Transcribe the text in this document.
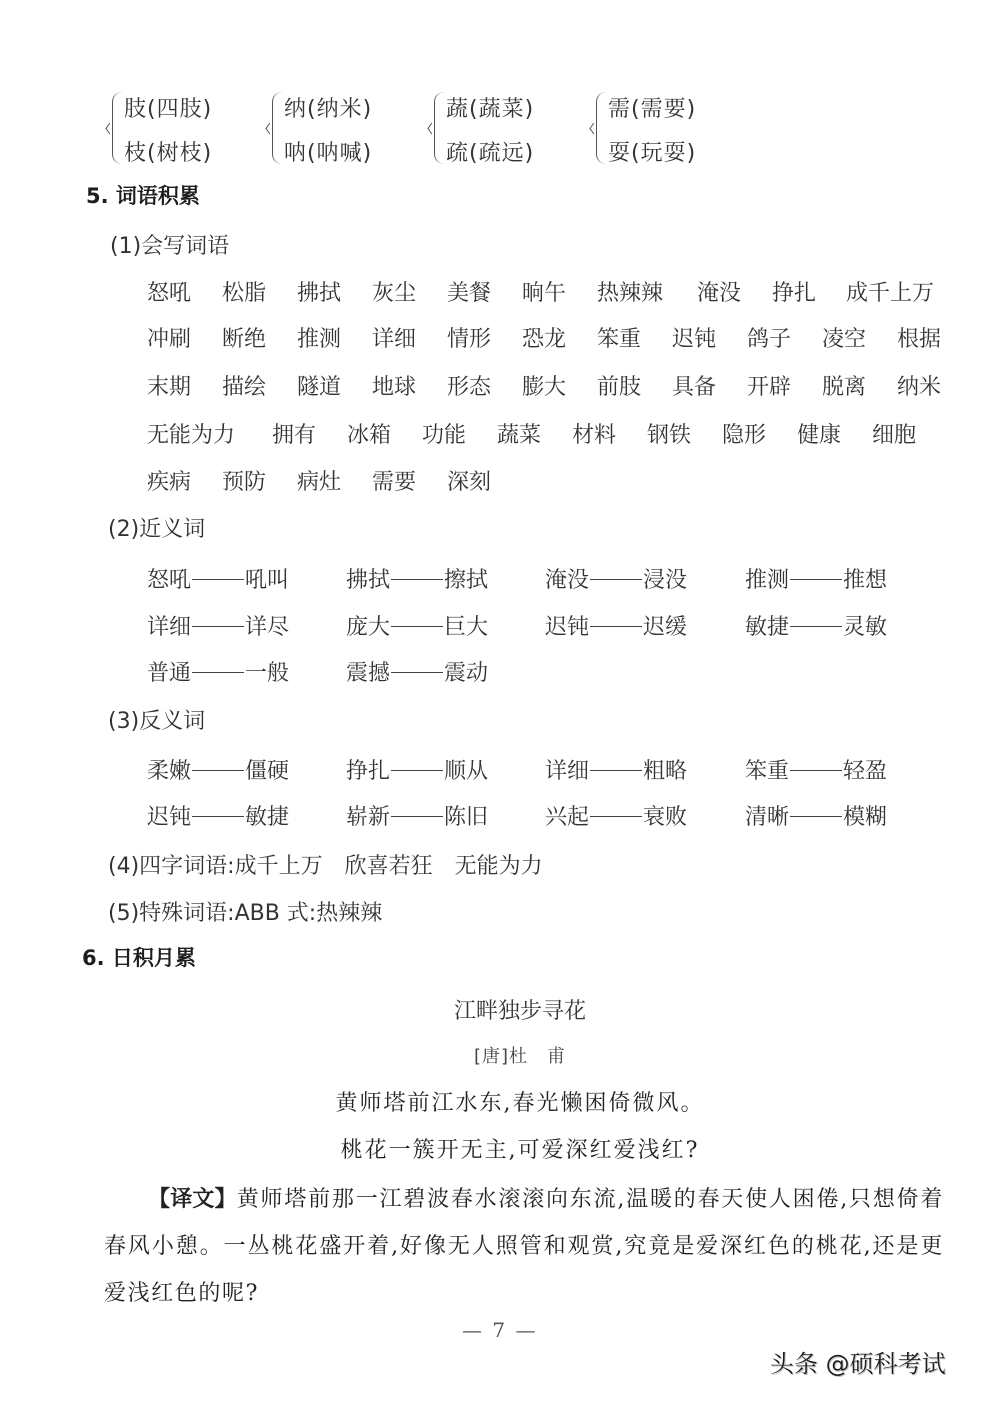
肢(四肢)
枝(树枝)
纳(纳米)
呐(呐喊)
蔬(蔬菜)
疏(疏远)
需(需要)
耍(玩耍)
5. 词语积累
(1)会写词语
怒吼 松脂 拂拭 灰尘 美餐 晌午 热辣辣 淹没 挣扎 成千上万
冲刷 断绝 推测 详细 情形 恐龙 笨重 迟钝 鸽子 凌空 根据
末期 描绘 隧道 地球 形态 膨大 前肢 具备 开辟 脱离 纳米
无能为力 拥有 冰箱 功能 蔬菜 材料 钢铁 隐形 健康 细胞
疾病 预防 病灶 需要 深刻
(2)近义词
怒吼 吼叫	拂拭 擦拭	淹没 浸没	推测 推想
详细 详尽	庞大 巨大	迟钝 迟缓	敏捷 灵敏
普通 一般	震撼 震动
(3)反义词
柔嫩 僵硬	挣扎 顺从	详细 粗略	笨重 轻盈
迟钝 敏捷	崭新 陈旧	兴起 衰败	清晰 模糊
(4)四字词语:成千上万　欣喜若狂　无能为力
(5)特殊词语:ABB 式:热辣辣
6. 日积月累
江畔独步寻花
[唐]杜　甫
黄师塔前江水东,春光懒困倚微风。
桃花一簇开无主,可爱深红爱浅红?
【译文】黄师塔前那一江碧波春水滚滚向东流,温暖的春天使人困倦,只想倚着春风小憩。一丛桃花盛开着,好像无人照管和观赏,究竟是爱深红色的桃花,还是更爱浅红色的呢?
— 7 —
头条 @硕科考试
